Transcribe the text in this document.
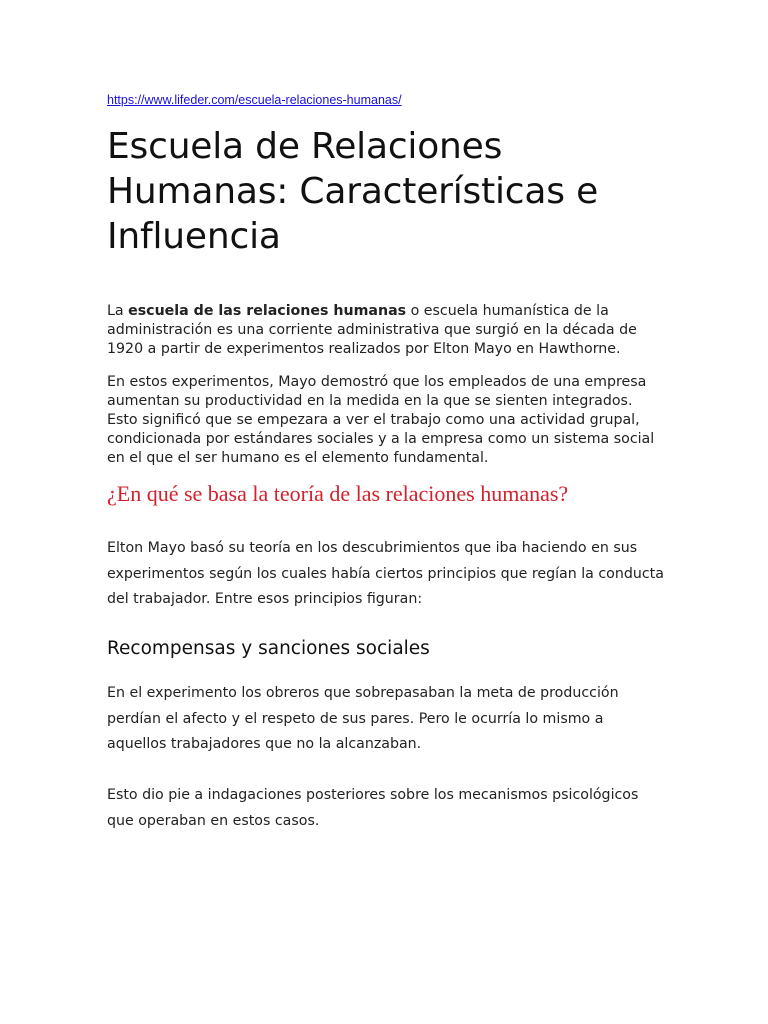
https://www.lifeder.com/escuela-relaciones-humanas/
Escuela de Relaciones Humanas: Características e Influencia

La escuela de las relaciones humanas o escuela humanística de la administración es una corriente administrativa que surgió en la década de 1920 a partir de experimentos realizados por Elton Mayo en Hawthorne.

En estos experimentos, Mayo demostró que los empleados de una empresa aumentan su productividad en la medida en la que se sienten integrados. Esto significó que se empezara a ver el trabajo como una actividad grupal, condicionada por estándares sociales y a la empresa como un sistema social en el que el ser humano es el elemento fundamental.

¿En qué se basa la teoría de las relaciones humanas?

Elton Mayo basó su teoría en los descubrimientos que iba haciendo en sus experimentos según los cuales había ciertos principios que regían la conducta del trabajador. Entre esos principios figuran:

Recompensas y sanciones sociales

En el experimento los obreros que sobrepasaban la meta de producción perdían el afecto y el respeto de sus pares. Pero le ocurría lo mismo a aquellos trabajadores que no la alcanzaban.

Esto dio pie a indagaciones posteriores sobre los mecanismos psicológicos que operaban en estos casos.
